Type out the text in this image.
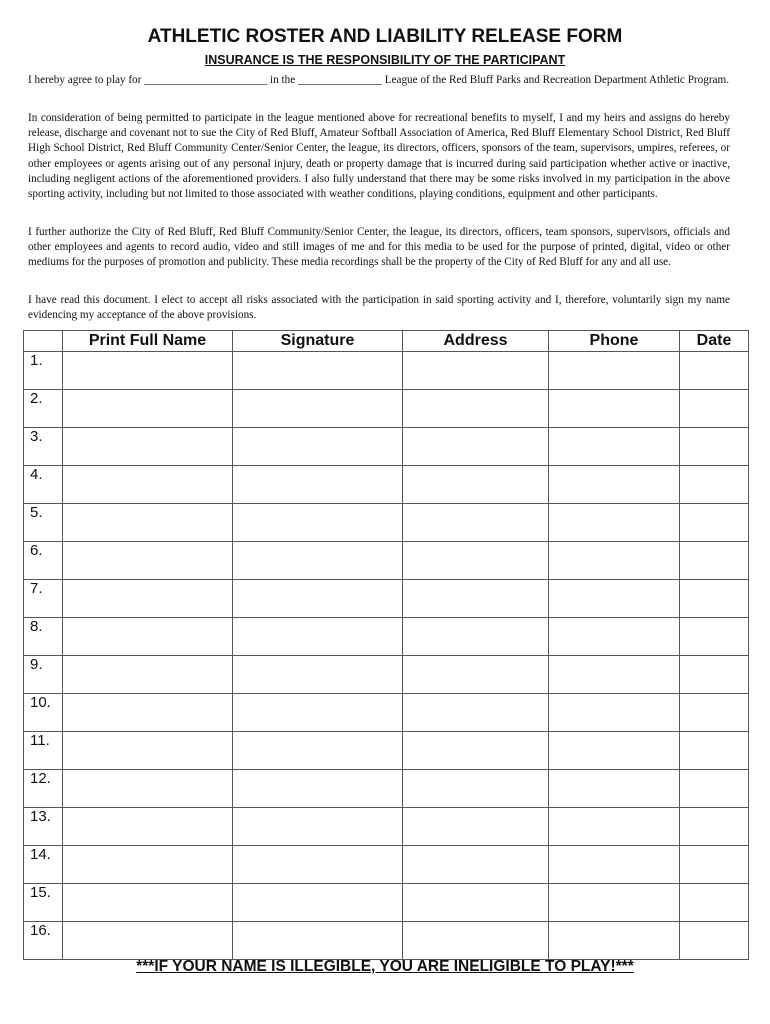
ATHLETIC ROSTER AND LIABILITY RELEASE FORM
INSURANCE IS THE RESPONSIBILITY OF THE PARTICIPANT

I hereby agree to play for ______________________ in the _______________ League of the Red Bluff Parks and Recreation Department Athletic Program.

In consideration of being permitted to participate in the league mentioned above for recreational benefits to myself, I and my heirs and assigns do hereby release, discharge and covenant not to sue the City of Red Bluff, Amateur Softball Association of America, Red Bluff Elementary School District, Red Bluff High School District, Red Bluff Community Center/Senior Center, the league, its directors, officers, sponsors of the team, supervisors, umpires, referees, or other employees or agents arising out of any personal injury, death or property damage that is incurred during said participation whether active or inactive, including negligent actions of the aforementioned providers. I also fully understand that there may be some risks involved in my participation in the above sporting activity, including but not limited to those associated with weather conditions, playing conditions, equipment and other participants.

I further authorize the City of Red Bluff, Red Bluff Community/Senior Center, the league, its directors, officers, team sponsors, supervisors, officials and other employees and agents to record audio, video and still images of me and for this media to be used for the purpose of printed, digital, video or other mediums for the purposes of promotion and publicity. These media recordings shall be the property of the City of Red Bluff for any and all use.

I have read this document. I elect to accept all risks associated with the participation in said sporting activity and I, therefore, voluntarily sign my name evidencing my acceptance of the above provisions.

	Print Full Name	Signature	Address	Phone	Date
1.					
2.					
3.					
4.					
5.					
6.					
7.					
8.					
9.					
10.					
11.					
12.					
13.					
14.					
15.					
16.					
***IF YOUR NAME IS ILLEGIBLE, YOU ARE INELIGIBLE TO PLAY!***
